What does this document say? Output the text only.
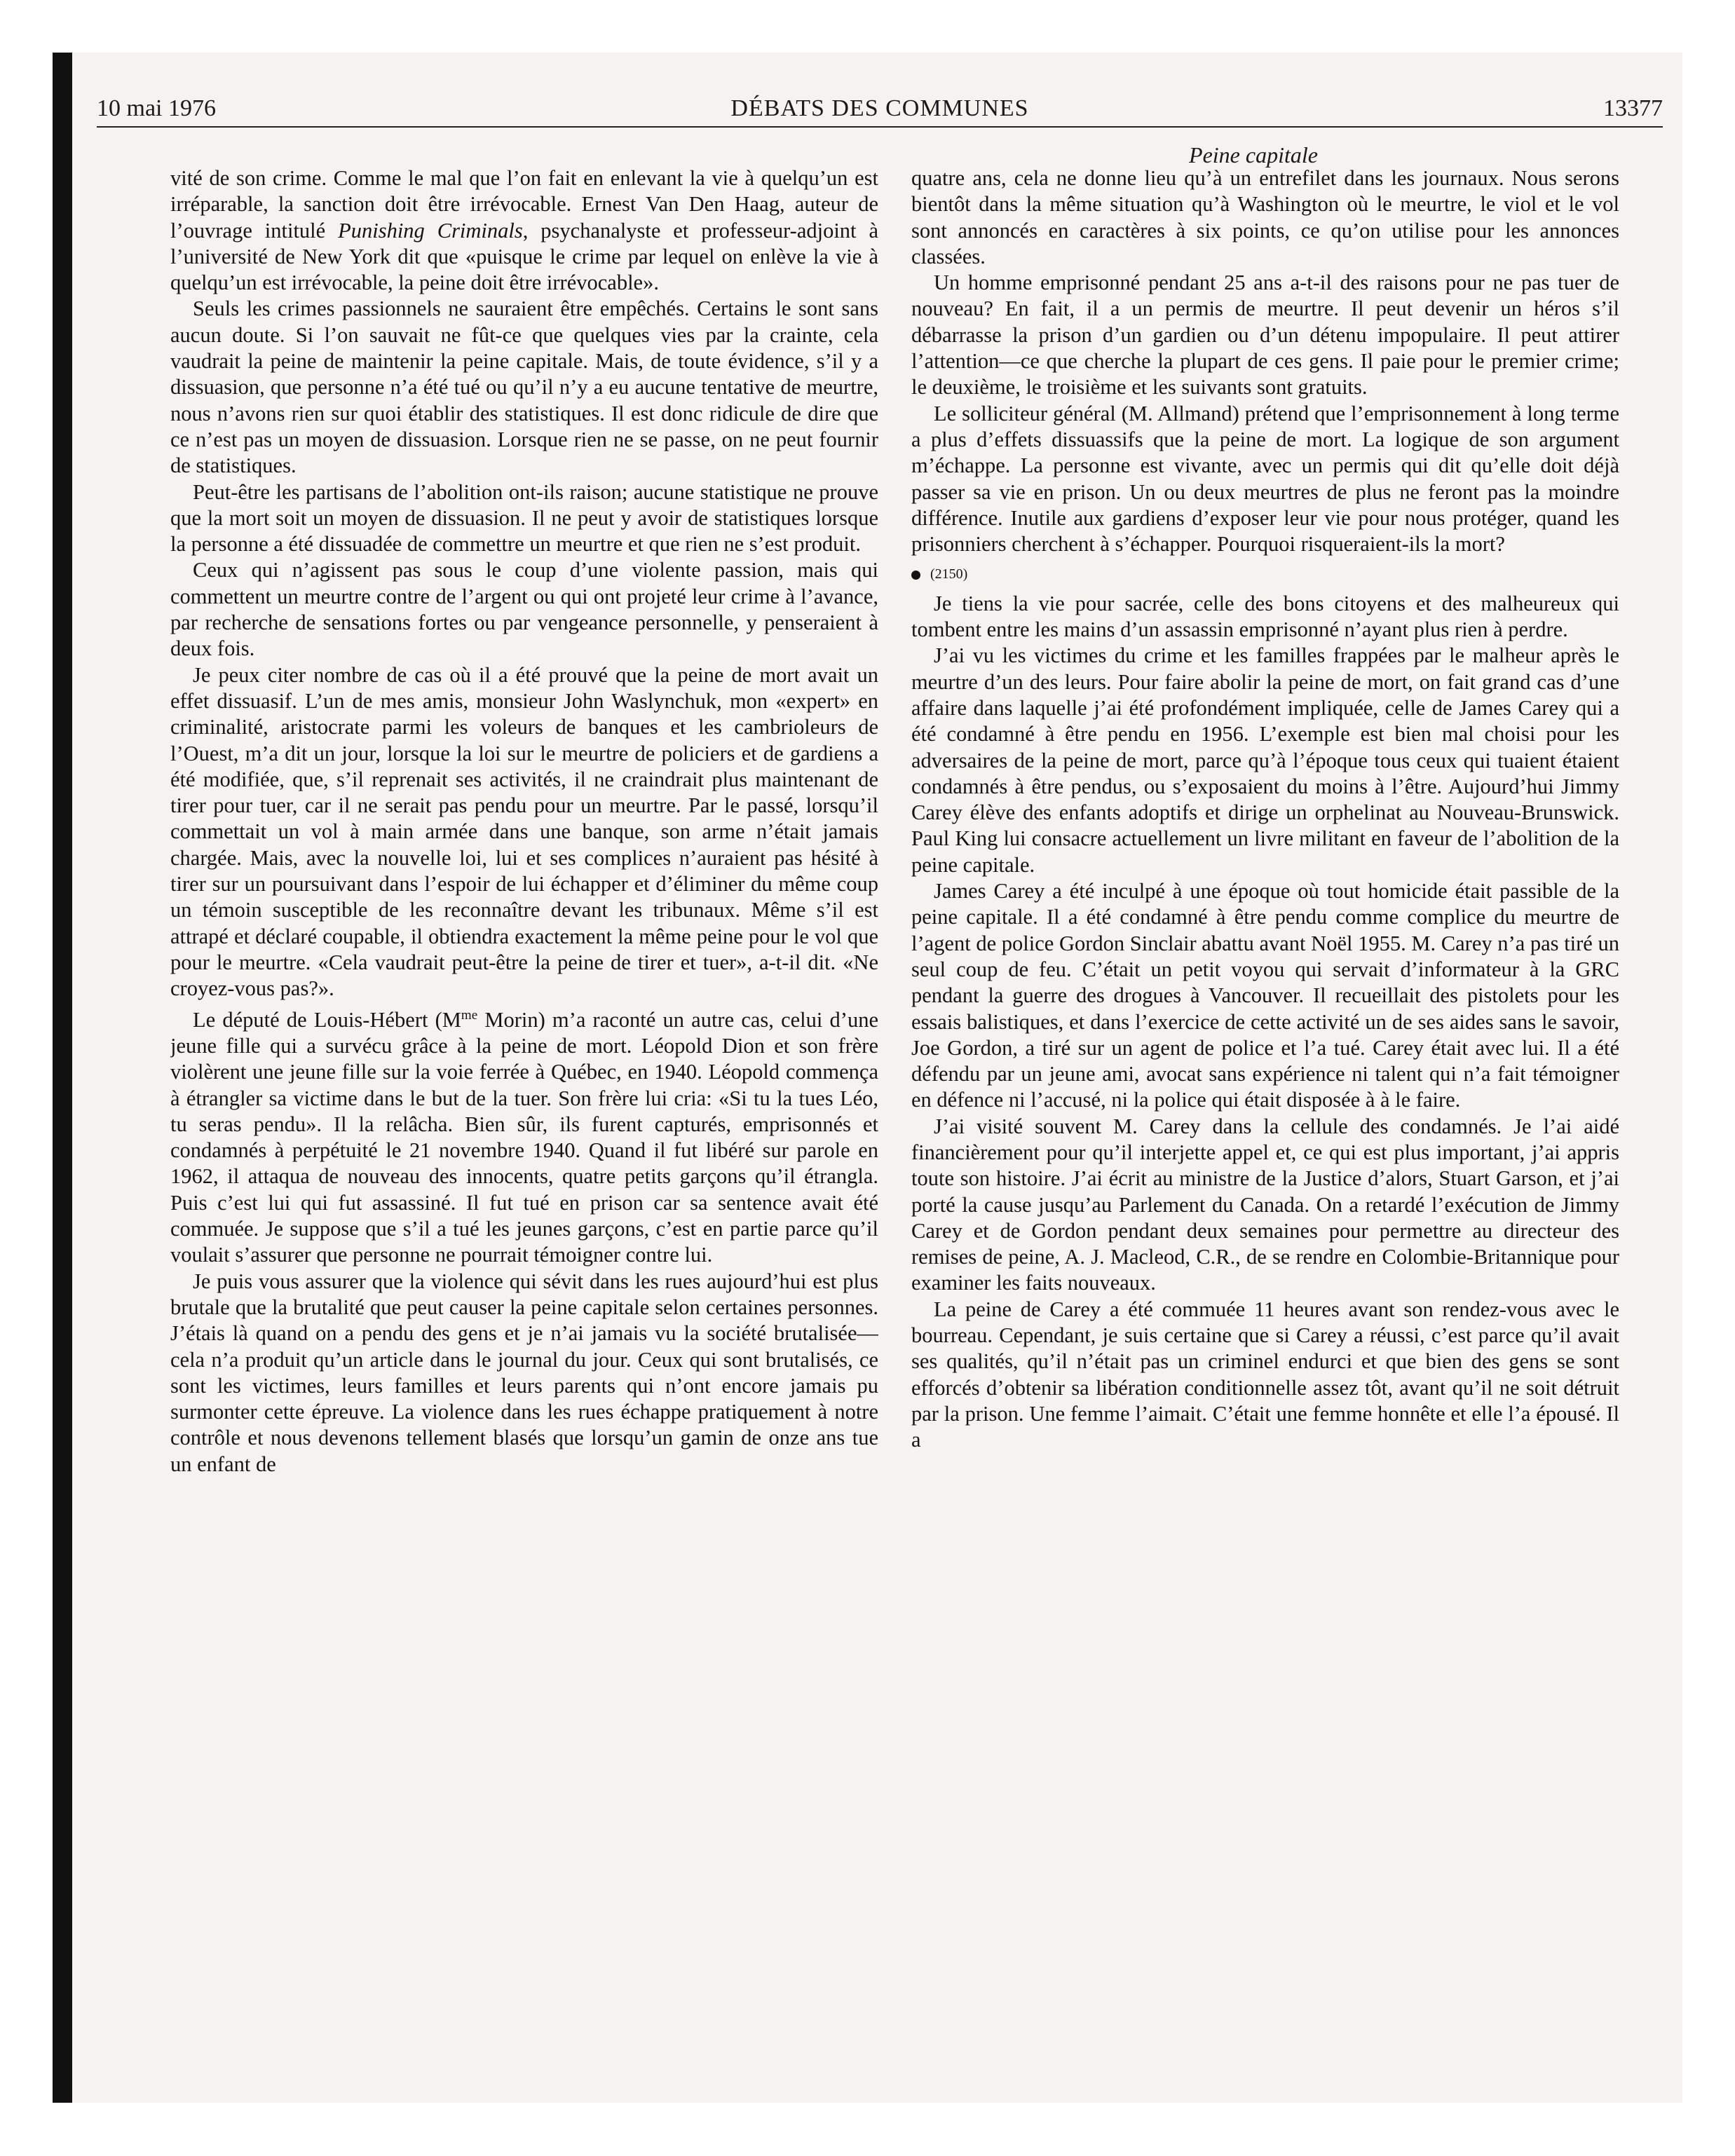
10 mai 1976	DÉBATS DES COMMUNES	13377
Peine capitale

vité de son crime. Comme le mal que l’on fait en enlevant la vie à quelqu’un est irréparable, la sanction doit être irrévocable. Ernest Van Den Haag, auteur de l’ouvrage intitulé Punishing Criminals, psychanalyste et professeur-adjoint à l’université de New York dit que «puisque le crime par lequel on enlève la vie à quelqu’un est irrévocable, la peine doit être irrévocable».

Seuls les crimes passionnels ne sauraient être empêchés. Certains le sont sans aucun doute. Si l’on sauvait ne fût-ce que quelques vies par la crainte, cela vaudrait la peine de maintenir la peine capitale. Mais, de toute évidence, s’il y a dissuasion, que personne n’a été tué ou qu’il n’y a eu aucune tentative de meurtre, nous n’avons rien sur quoi établir des statistiques. Il est donc ridicule de dire que ce n’est pas un moyen de dissuasion. Lorsque rien ne se passe, on ne peut fournir de statistiques.

Peut-être les partisans de l’abolition ont-ils raison; aucune statistique ne prouve que la mort soit un moyen de dissuasion. Il ne peut y avoir de statistiques lorsque la personne a été dissuadée de commettre un meurtre et que rien ne s’est produit.

Ceux qui n’agissent pas sous le coup d’une violente passion, mais qui commettent un meurtre contre de l’argent ou qui ont projeté leur crime à l’avance, par recherche de sensations fortes ou par vengeance personnelle, y penseraient à deux fois.

Je peux citer nombre de cas où il a été prouvé que la peine de mort avait un effet dissuasif. L’un de mes amis, monsieur John Waslynchuk, mon «expert» en criminalité, aristocrate parmi les voleurs de banques et les cambrioleurs de l’Ouest, m’a dit un jour, lorsque la loi sur le meurtre de policiers et de gardiens a été modifiée, que, s’il reprenait ses activités, il ne craindrait plus maintenant de tirer pour tuer, car il ne serait pas pendu pour un meurtre. Par le passé, lorsqu’il commettait un vol à main armée dans une banque, son arme n’était jamais chargée. Mais, avec la nouvelle loi, lui et ses complices n’auraient pas hésité à tirer sur un poursuivant dans l’espoir de lui échapper et d’éliminer du même coup un témoin susceptible de les reconnaître devant les tribunaux. Même s’il est attrapé et déclaré coupable, il obtiendra exactement la même peine pour le vol que pour le meurtre. «Cela vaudrait peut-être la peine de tirer et tuer», a-t-il dit. «Ne croyez-vous pas?».

Le député de Louis-Hébert ($M^{me}$ Morin) m’a raconté un autre cas, celui d’une jeune fille qui a survécu grâce à la peine de mort. Léopold Dion et son frère violèrent une jeune fille sur la voie ferrée à Québec, en 1940. Léopold commença à étrangler sa victime dans le but de la tuer. Son frère lui cria: «Si tu la tues Léo, tu seras pendu». Il la relâcha. Bien sûr, ils furent capturés, emprisonnés et condamnés à perpétuité le 21 novembre 1940. Quand il fut libéré sur parole en 1962, il attaqua de nouveau des innocents, quatre petits garçons qu’il étrangla. Puis c’est lui qui fut assassiné. Il fut tué en prison car sa sentence avait été commuée. Je suppose que s’il a tué les jeunes garçons, c’est en partie parce qu’il voulait s’assurer que personne ne pourrait témoigner contre lui.

Je puis vous assurer que la violence qui sévit dans les rues aujourd’hui est plus brutale que la brutalité que peut causer la peine capitale selon certaines personnes. J’étais là quand on a pendu des gens et je n’ai jamais vu la société brutalisée—cela n’a produit qu’un article dans le journal du jour. Ceux qui sont brutalisés, ce sont les victimes, leurs familles et leurs parents qui n’ont encore jamais pu surmonter cette épreuve. La violence dans les rues échappe pratiquement à notre contrôle et nous devenons tellement blasés que lorsqu’un gamin de onze ans tue un enfant de

quatre ans, cela ne donne lieu qu’à un entrefilet dans les journaux. Nous serons bientôt dans la même situation qu’à Washington où le meurtre, le viol et le vol sont annoncés en caractères à six points, ce qu’on utilise pour les annonces classées.

Un homme emprisonné pendant 25 ans a-t-il des raisons pour ne pas tuer de nouveau? En fait, il a un permis de meurtre. Il peut devenir un héros s’il débarrasse la prison d’un gardien ou d’un détenu impopulaire. Il peut attirer l’attention—ce que cherche la plupart de ces gens. Il paie pour le premier crime; le deuxième, le troisième et les suivants sont gratuits.

Le solliciteur général (M. Allmand) prétend que l’emprisonnement à long terme a plus d’effets dissuassifs que la peine de mort. La logique de son argument m’échappe. La personne est vivante, avec un permis qui dit qu’elle doit déjà passer sa vie en prison. Un ou deux meurtres de plus ne feront pas la moindre différence. Inutile aux gardiens d’exposer leur vie pour nous protéger, quand les prisonniers cherchent à s’échapper. Pourquoi risqueraient-ils la mort?

(2150)

Je tiens la vie pour sacrée, celle des bons citoyens et des malheureux qui tombent entre les mains d’un assassin emprisonné n’ayant plus rien à perdre.

J’ai vu les victimes du crime et les familles frappées par le malheur après le meurtre d’un des leurs. Pour faire abolir la peine de mort, on fait grand cas d’une affaire dans laquelle j’ai été profondément impliquée, celle de James Carey qui a été condamné à être pendu en 1956. L’exemple est bien mal choisi pour les adversaires de la peine de mort, parce qu’à l’époque tous ceux qui tuaient étaient condamnés à être pendus, ou s’exposaient du moins à l’être. Aujourd’hui Jimmy Carey élève des enfants adoptifs et dirige un orphelinat au Nouveau-Brunswick. Paul King lui consacre actuellement un livre militant en faveur de l’abolition de la peine capitale.

James Carey a été inculpé à une époque où tout homicide était passible de la peine capitale. Il a été condamné à être pendu comme complice du meurtre de l’agent de police Gordon Sinclair abattu avant Noël 1955. M. Carey n’a pas tiré un seul coup de feu. C’était un petit voyou qui servait d’informateur à la GRC pendant la guerre des drogues à Vancouver. Il recueillait des pistolets pour les essais balistiques, et dans l’exercice de cette activité un de ses aides sans le savoir, Joe Gordon, a tiré sur un agent de police et l’a tué. Carey était avec lui. Il a été défendu par un jeune ami, avocat sans expérience ni talent qui n’a fait témoigner en défence ni l’accusé, ni la police qui était disposée à à le faire.

J’ai visité souvent M. Carey dans la cellule des condamnés. Je l’ai aidé financièrement pour qu’il interjette appel et, ce qui est plus important, j’ai appris toute son histoire. J’ai écrit au ministre de la Justice d’alors, Stuart Garson, et j’ai porté la cause jusqu’au Parlement du Canada. On a retardé l’exécution de Jimmy Carey et de Gordon pendant deux semaines pour permettre au directeur des remises de peine, A. J. Macleod, C.R., de se rendre en Colombie-Britannique pour examiner les faits nouveaux.

La peine de Carey a été commuée 11 heures avant son rendez-vous avec le bourreau. Cependant, je suis certaine que si Carey a réussi, c’est parce qu’il avait ses qualités, qu’il n’était pas un criminel endurci et que bien des gens se sont efforcés d’obtenir sa libération conditionnelle assez tôt, avant qu’il ne soit détruit par la prison. Une femme l’aimait. C’était une femme honnête et elle l’a épousé. Il a
